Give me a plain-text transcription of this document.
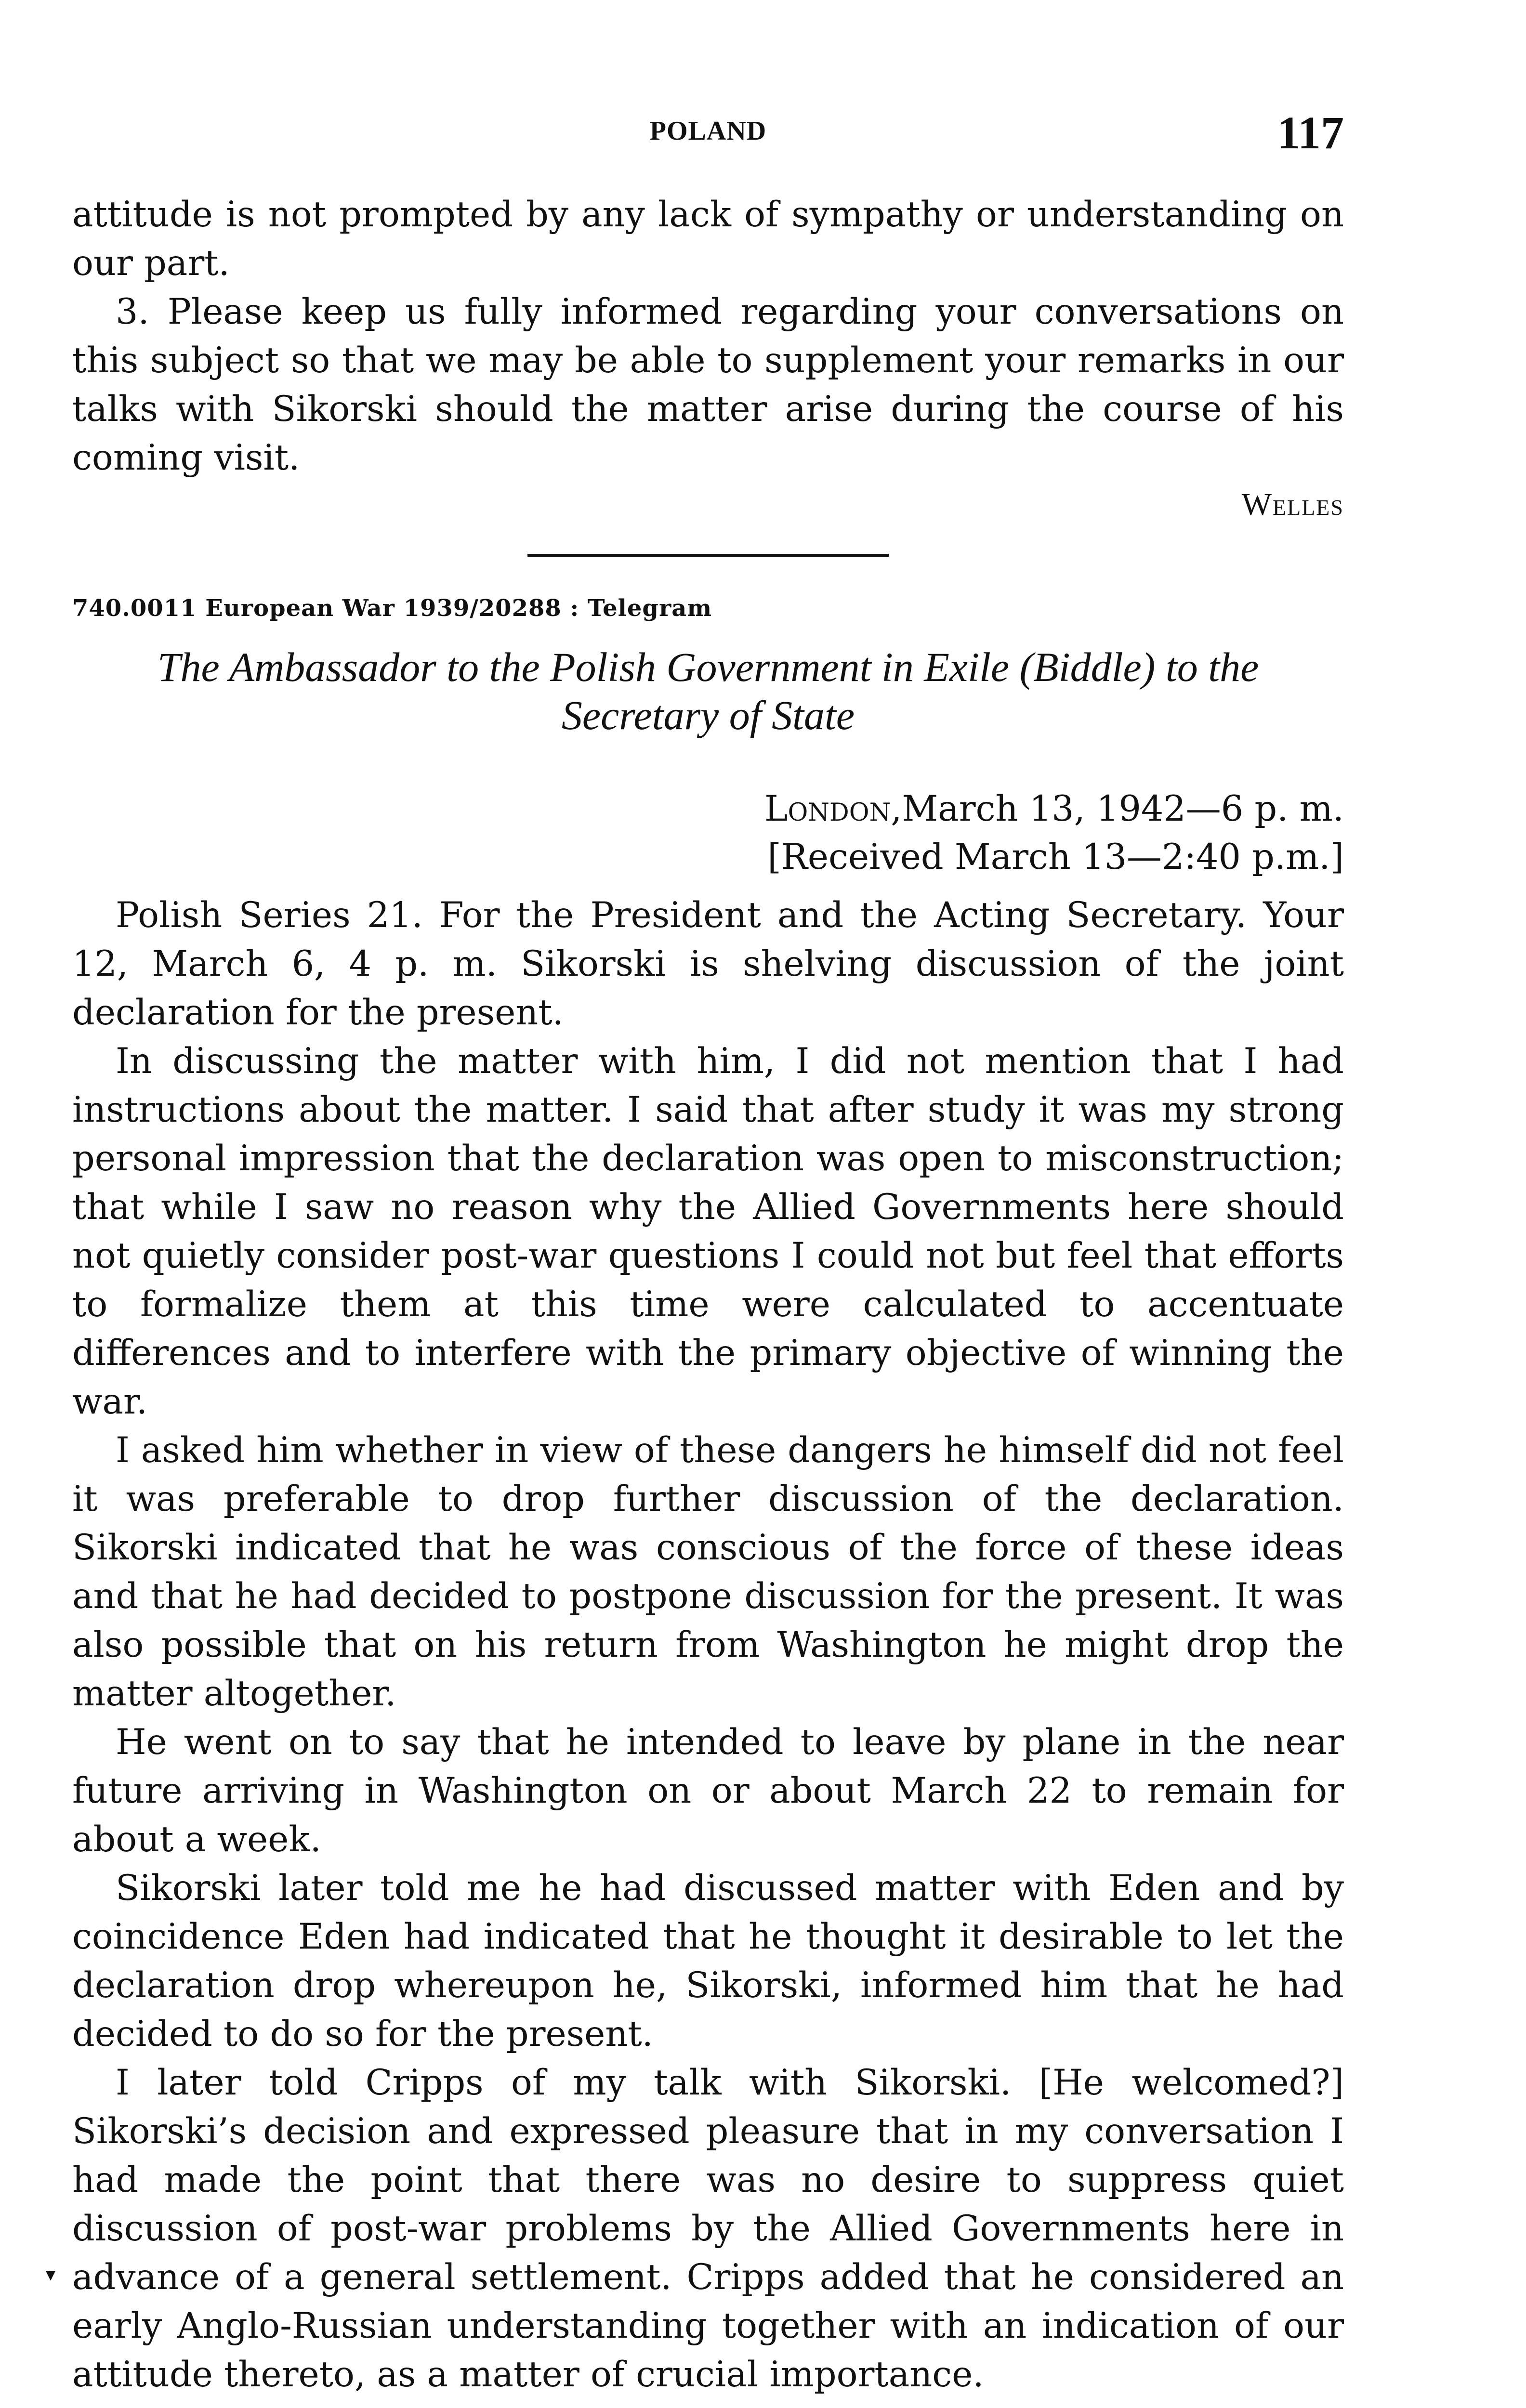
POLAND	117

attitude is not prompted by any lack of sympathy or understanding on our part.

3. Please keep us fully informed regarding your conversations on this subject so that we may be able to supplement your remarks in our talks with Sikorski should the matter arise during the course of his coming visit.

Welles
740.0011 European War 1939/20288 : Telegram
The Ambassador to the Polish Government in Exile (Biddle) to the
Secretary of State
London,March 13, 1942—6 p. m.
[Received March 13—2:40 p.m.]

Polish Series 21. For the President and the Acting Secretary. Your 12, March 6, 4 p. m. Sikorski is shelving discussion of the joint declaration for the present.

In discussing the matter with him, I did not mention that I had instructions about the matter. I said that after study it was my strong personal impression that the declaration was open to misconstruction; that while I saw no reason why the Allied Governments here should not quietly consider post-war questions I could not but feel that efforts to formalize them at this time were calculated to accentuate differences and to interfere with the primary objective of winning the war.

I asked him whether in view of these dangers he himself did not feel it was preferable to drop further discussion of the declaration. Sikorski indicated that he was conscious of the force of these ideas and that he had decided to postpone discussion for the present. It was also possible that on his return from Washington he might drop the matter altogether.

He went on to say that he intended to leave by plane in the near future arriving in Washington on or about March 22 to remain for about a week.

Sikorski later told me he had discussed matter with Eden and by coincidence Eden had indicated that he thought it desirable to let the declaration drop whereupon he, Sikorski, informed him that he had decided to do so for the present.

I later told Cripps of my talk with Sikorski. [He welcomed?] Sikorski’s decision and expressed pleasure that in my conversation I had made the point that there was no desire to suppress quiet discussion of post-war problems by the Allied Governments here in advance of a general settlement. Cripps added that he considered an early Anglo-Russian understanding together with an indication of our attitude thereto, as a matter of crucial importance.

▾
